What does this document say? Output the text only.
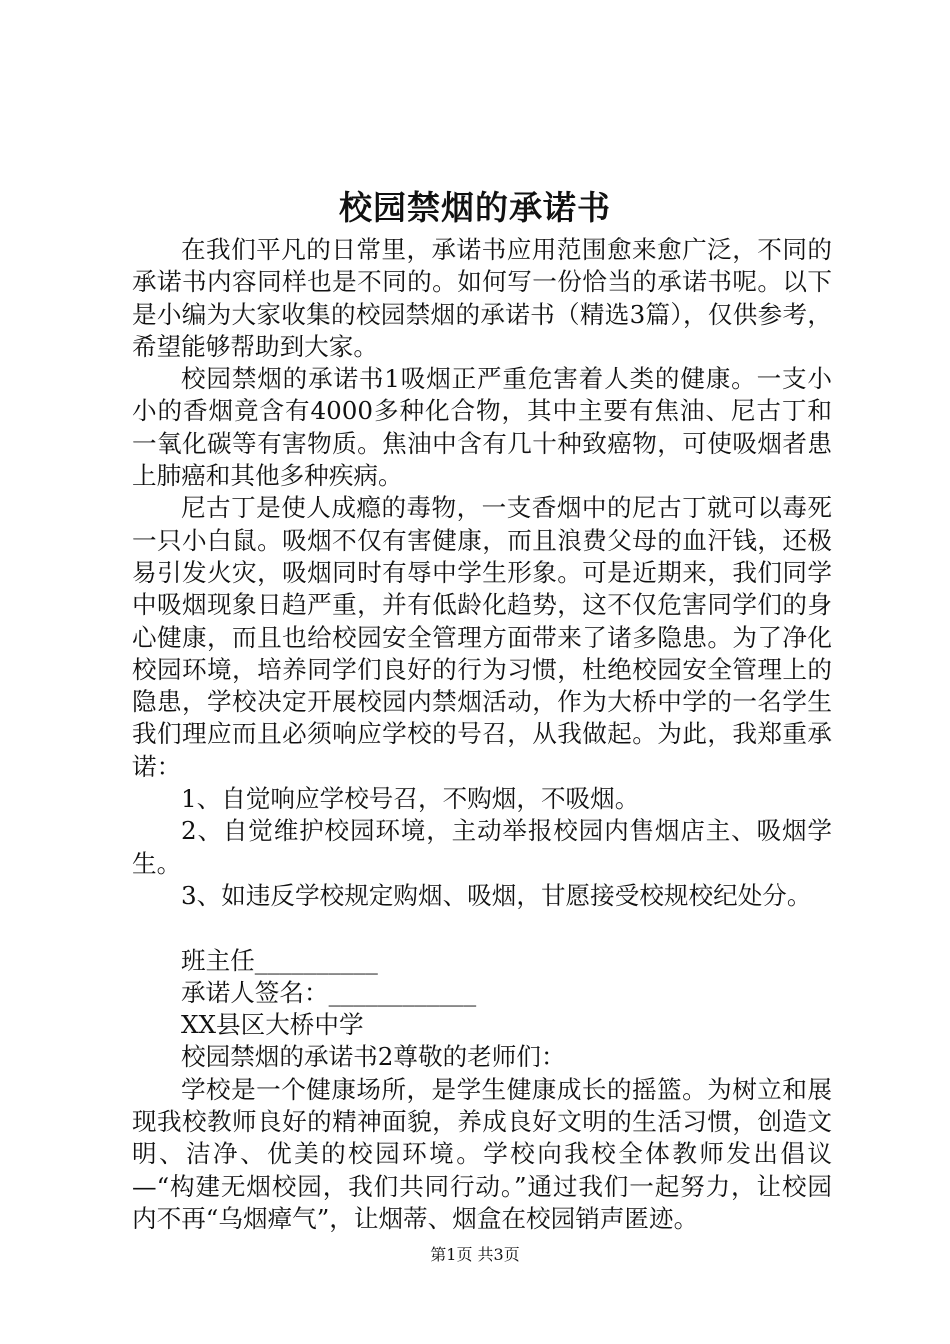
校园禁烟的承诺书

在我们平凡的日常里，承诺书应用范围愈来愈广泛，不同的承诺书内容同样也是不同的。如何写一份恰当的承诺书呢。以下是小编为大家收集的校园禁烟的承诺书（精选3篇），仅供参考，希望能够帮助到大家。

校园禁烟的承诺书1吸烟正严重危害着人类的健康。一支小小的香烟竟含有4000多种化合物，其中主要有焦油、尼古丁和一氧化碳等有害物质。焦油中含有几十种致癌物，可使吸烟者患上肺癌和其他多种疾病。

尼古丁是使人成瘾的毒物，一支香烟中的尼古丁就可以毒死一只小白鼠。吸烟不仅有害健康，而且浪费父母的血汗钱，还极易引发火灾，吸烟同时有辱中学生形象。可是近期来，我们同学中吸烟现象日趋严重，并有低龄化趋势，这不仅危害同学们的身心健康，而且也给校园安全管理方面带来了诸多隐患。为了净化校园环境，培养同学们良好的行为习惯，杜绝校园安全管理上的隐患，学校决定开展校园内禁烟活动，作为大桥中学的一名学生我们理应而且必须响应学校的号召，从我做起。为此，我郑重承诺：

1、自觉响应学校号召，不购烟，不吸烟。

2、自觉维护校园环境，主动举报校园内售烟店主、吸烟学生。

3、如违反学校规定购烟、吸烟，甘愿接受校规校纪处分。

班主任__________

承诺人签名：____________

XX县区大桥中学

校园禁烟的承诺书2尊敬的老师们：

学校是一个健康场所，是学生健康成长的摇篮。为树立和展现我校教师良好的精神面貌，养成良好文明的生活习惯，创造文明、洁净、优美的校园环境。学校向我校全体教师发出倡议—“构建无烟校园，我们共同行动。”通过我们一起努力，让校园内不再“乌烟瘴气”，让烟蒂、烟盒在校园销声匿迹。

第1页 共3页
